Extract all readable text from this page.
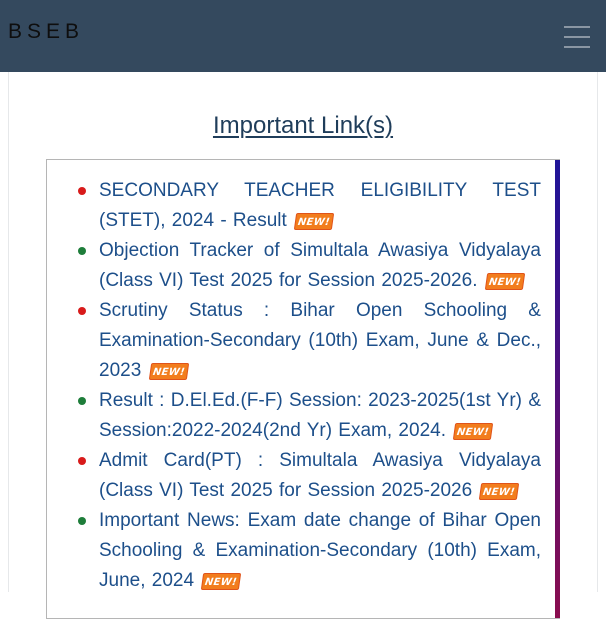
BSEB
Important Link(s)
SECONDARY TEACHER ELIGIBILITY TEST (STET), 2024 - Result NEW!
Objection Tracker of Simultala Awasiya Vidyalaya (Class VI) Test 2025 for Session 2025-2026. NEW!
Scrutiny Status : Bihar Open Schooling & Examination-Secondary (10th) Exam, June & Dec., 2023 NEW!
Result : D.El.Ed.(F-F) Session: 2023-2025(1st Yr) & Session:2022-2024(2nd Yr) Exam, 2024. NEW!
Admit Card(PT) : Simultala Awasiya Vidyalaya (Class VI) Test 2025 for Session 2025-2026 NEW!
Important News: Exam date change of Bihar Open Schooling & Examination-Secondary (10th) Exam, June, 2024 NEW!
